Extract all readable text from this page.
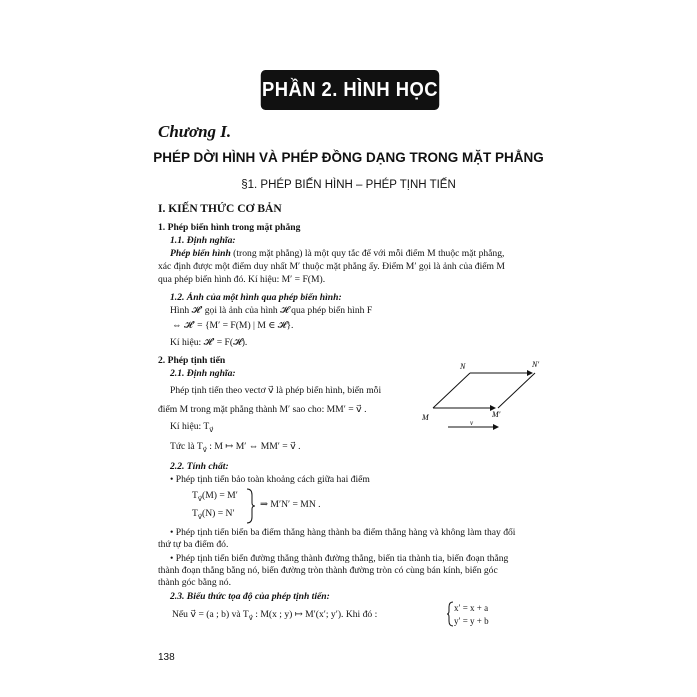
PHẦN 2. HÌNH HỌC
Chương I.
PHÉP DỜI HÌNH VÀ PHÉP ĐỒNG DẠNG TRONG MẶT PHẲNG
§1. PHÉP BIẾN HÌNH – PHÉP TỊNH TIẾN
I. KIẾN THỨC CƠ BẢN
1. Phép biến hình trong mặt phẳng
1.1. Định nghĩa:
Phép biến hình (trong mặt phẳng) là một quy tắc để với mỗi điểm M thuộc mặt phẳng,
xác định được một điểm duy nhất M′ thuộc mặt phẳng ấy. Điểm M′ gọi là ảnh của điểm M
qua phép biến hình đó. Kí hiệu: M′ = F(M).
1.2. Ảnh của một hình qua phép biến hình:
Hình 𝓗′ gọi là ảnh của hình 𝓗 qua phép biến hình F
⇔ 𝓗′ = {M′ = F(M) | M ∈ 𝓗}.
Kí hiệu: 𝓗′ = F(𝓗).
2. Phép tịnh tiến
2.1. Định nghĩa:
Phép tịnh tiến theo vectơ v⃗ là phép biến hình, biến mỗi
điểm M trong mặt phẳng thành M′ sao cho: MM′ = v⃗ .
Kí hiệu: $T_{v⃗}$
Tức là $T_{v⃗}$ : M ↦ M′ ⇔ MM′ = v⃗ .
2.2. Tính chất:
• Phép tịnh tiến bảo toàn khoảng cách giữa hai điểm
$T_{v⃗}(M) = M'$
$T_{v⃗}(N) = N'$
⇒ M′N′ = MN .
• Phép tịnh tiến biến ba điểm thẳng hàng thành ba điểm thẳng hàng và không làm thay đổi
thứ tự ba điểm đó.
• Phép tịnh tiến biến đường thẳng thành đường thẳng, biến tia thành tia, biến đoạn thẳng
thành đoạn thẳng bằng nó, biến đường tròn thành đường tròn có cùng bán kính, biến góc
thành góc bằng nó.
2.3. Biểu thức tọa độ của phép tịnh tiến:
Nếu v⃗ = (a ; b) và $T_{v⃗}$ : M(x ; y) ↦ M′(x′; y′). Khi đó :
x′ = x + a
y′ = y + b
N	N′
M	M′
v⃗
138
